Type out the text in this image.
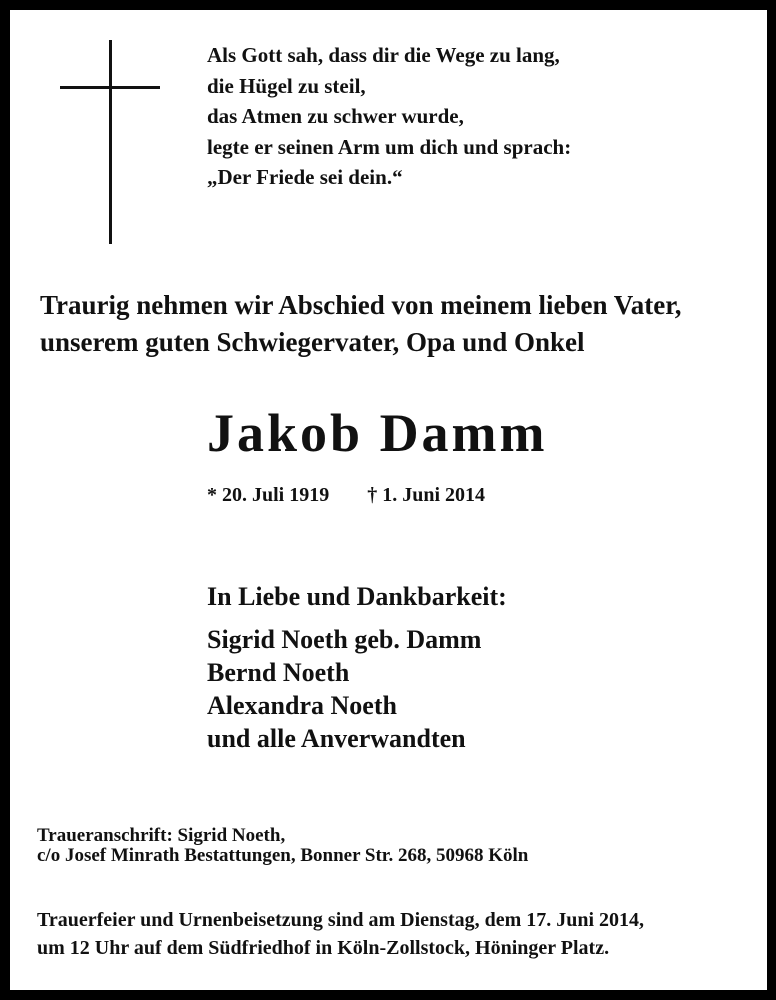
Als Gott sah, dass dir die Wege zu lang,
die Hügel zu steil,
das Atmen zu schwer wurde,
legte er seinen Arm um dich und sprach:
„Der Friede sei dein.“
Traurig nehmen wir Abschied von meinem lieben Vater,
unserem guten Schwiegervater, Opa und Onkel
Jakob Damm
* 20. Juli 1919 † 1. Juni 2014
In Liebe und Dankbarkeit:
Sigrid Noeth geb. Damm
Bernd Noeth
Alexandra Noeth
und alle Anverwandten
Traueranschrift: Sigrid Noeth,
c/o Josef Minrath Bestattungen, Bonner Str. 268, 50968 Köln
Trauerfeier und Urnenbeisetzung sind am Dienstag, dem 17. Juni 2014,
um 12 Uhr auf dem Südfriedhof in Köln-Zollstock, Höninger Platz.
